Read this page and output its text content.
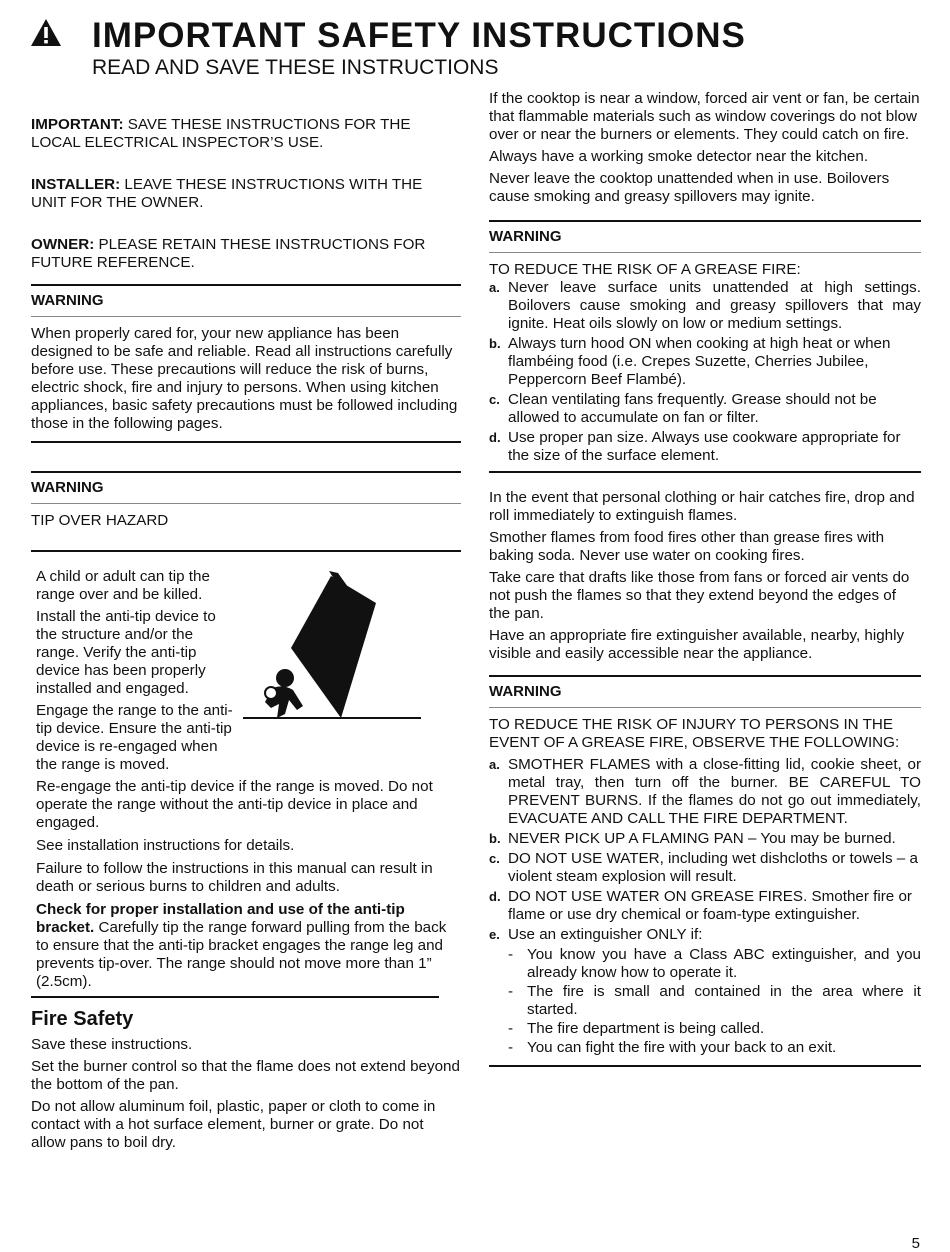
IMPORTANT SAFETY INSTRUCTIONS
READ AND SAVE THESE INSTRUCTIONS

IMPORTANT: SAVE THESE INSTRUCTIONS FOR THE LOCAL ELECTRICAL INSPECTOR’S USE.

INSTALLER: LEAVE THESE INSTRUCTIONS WITH THE UNIT FOR THE OWNER.

OWNER: PLEASE RETAIN THESE INSTRUCTIONS FOR FUTURE REFERENCE.

WARNING

When properly cared for, your new appliance has been designed to be safe and reliable. Read all instructions carefully before use. These precautions will reduce the risk of burns, electric shock, fire and injury to persons. When using kitchen appliances, basic safety precautions must be followed including those in the following pages.

WARNING

TIP OVER HAZARD

A child or adult can tip the range over and be killed.

Install the anti-tip device to the structure and/or the range. Verify the anti-tip device has been properly installed and engaged.

Engage the range to the anti-tip device. Ensure the anti-tip device is re-engaged when the range is moved.

Re-engage the anti-tip device if the range is moved. Do not operate the range without the anti-tip device in place and engaged.

See installation instructions for details.

Failure to follow the instructions in this manual can result in death or serious burns to children and adults.

Check for proper installation and use of the anti-tip bracket. Carefully tip the range forward pulling from the back to ensure that the anti-tip bracket engages the range leg and prevents tip-over. The range should not move more than 1” (2.5cm).

Fire Safety

Save these instructions.

Set the burner control so that the flame does not extend beyond the bottom of the pan.

Do not allow aluminum foil, plastic, paper or cloth to come in contact with a hot surface element, burner or grate. Do not allow pans to boil dry.

If the cooktop is near a window, forced air vent or fan, be certain that flammable materials such as window coverings do not blow over or near the burners or elements. They could catch on fire.

Always have a working smoke detector near the kitchen.

Never leave the cooktop unattended when in use. Boilovers cause smoking and greasy spillovers may ignite.

WARNING

TO REDUCE THE RISK OF A GREASE FIRE:

a. Never leave surface units unattended at high settings. Boilovers cause smoking and greasy spillovers that may ignite. Heat oils slowly on low or medium settings.
b. Always turn hood ON when cooking at high heat or when flambéing food (i.e. Crepes Suzette, Cherries Jubilee, Peppercorn Beef Flambé).
c. Clean ventilating fans frequently. Grease should not be allowed to accumulate on fan or filter.
d. Use proper pan size. Always use cookware appropriate for the size of the surface element.

In the event that personal clothing or hair catches fire, drop and roll immediately to extinguish flames.

Smother flames from food fires other than grease fires with baking soda. Never use water on cooking fires.

Take care that drafts like those from fans or forced air vents do not push the flames so that they extend beyond the edges of the pan.

Have an appropriate fire extinguisher available, nearby, highly visible and easily accessible near the appliance.

WARNING

TO REDUCE THE RISK OF INJURY TO PERSONS IN THE EVENT OF A GREASE FIRE, OBSERVE THE FOLLOWING:

a. SMOTHER FLAMES with a close-fitting lid, cookie sheet, or metal tray, then turn off the burner. BE CAREFUL TO PREVENT BURNS. If the flames do not go out immediately, EVACUATE AND CALL THE FIRE DEPARTMENT.
b. NEVER PICK UP A FLAMING PAN – You may be burned.
c. DO NOT USE WATER, including wet dishcloths or towels – a violent steam explosion will result.
d. DO NOT USE WATER ON GREASE FIRES. Smother fire or flame or use dry chemical or foam-type extinguisher.
e. Use an extinguisher ONLY if:
- You know you have a Class ABC extinguisher, and you already know how to operate it.
- The fire is small and contained in the area where it started.
- The fire department is being called.
- You can fight the fire with your back to an exit.
5
